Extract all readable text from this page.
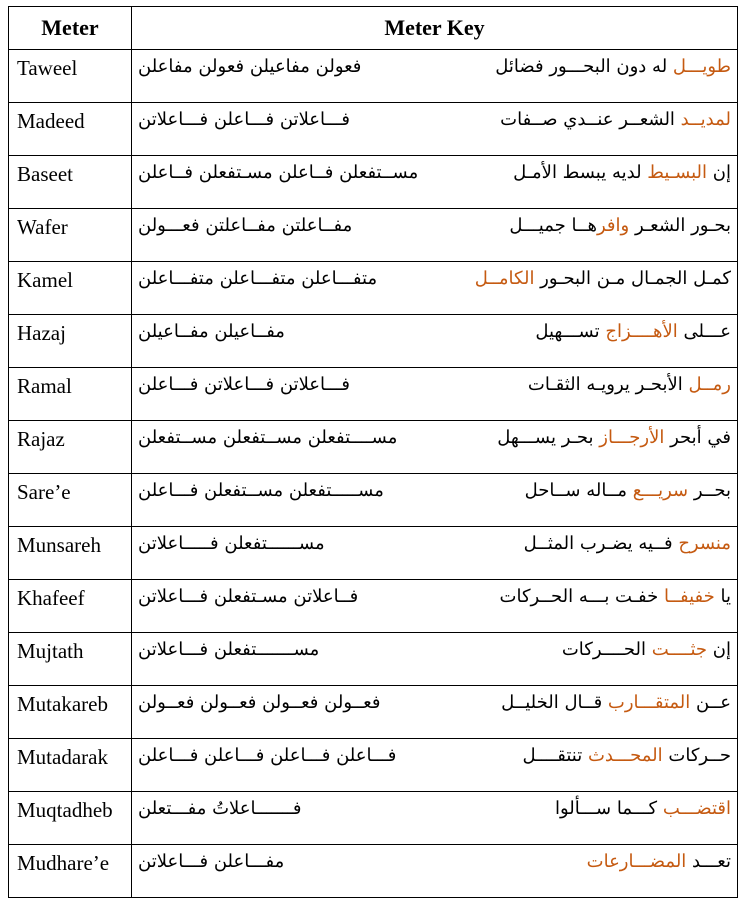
Meter	Meter Key
Taweel	فعولن مفاعيلن فعولن مفاعلن طويـــل له دون البحـــور فضائل

Madeed	فـــاعلاتن فـــاعلن فـــاعلاتن لمديــد الشعــر عنــدي صــفات

Baseet	مســتفعلن فــاعلن مسـتفعلن فــاعلن إن البسـيط لديه يبسط الأمـل

Wafer	مفــاعلتن مفــاعلتن فعـــولن بحـور الشعـر وافرهــا جميـــل

Kamel	متفـــاعلن متفـــاعلن متفـــاعلن كمـل الجمـال مـن البحـور الكامــل

Hazaj	مفــاعيلن مفــاعيلن عـــلى الأهــــزاج تســـهيل

Ramal	فـــاعلاتن فـــاعلاتن فـــاعلن رمــل الأبحـر يرويـه الثقـات

Rajaz	مســــتفعلن مســتفعلن مســتفعلن في أبحر الأرجـــاز بحـر يســـهل

Sare’e	مســـــتفعلن مســتفعلن فـــاعلن بحــر سريـــع مــاله ســاحل

Munsareh	مســــــتفعلن فـــــاعلاتن منسرح فــيه يضـرب المثــل

Khafeef	فــاعلاتن مسـتفعلن فـــاعلاتن يا خفيفــا خفـت بـــه الحــركات

Mujtath	مســـــــتفعلن فـــاعلاتن إن جثــــت الحــــركات

Mutakareb	فعــولن فعــولن فعــولن فعــولن عــن المتقـــارب قــال الخليــل

Mutadarak	فـــاعلن فـــاعلن فـــاعلن فـــاعلن حــركات المحـــدث تنتقــــل

Muqtadheb	فـــــــاعلاتُ مفـــتعلن اقتضـــب كـــما ســـألوا

Mudhare’e	مفـــاعلن فـــاعلاتن تعـــد المضـــارعات
